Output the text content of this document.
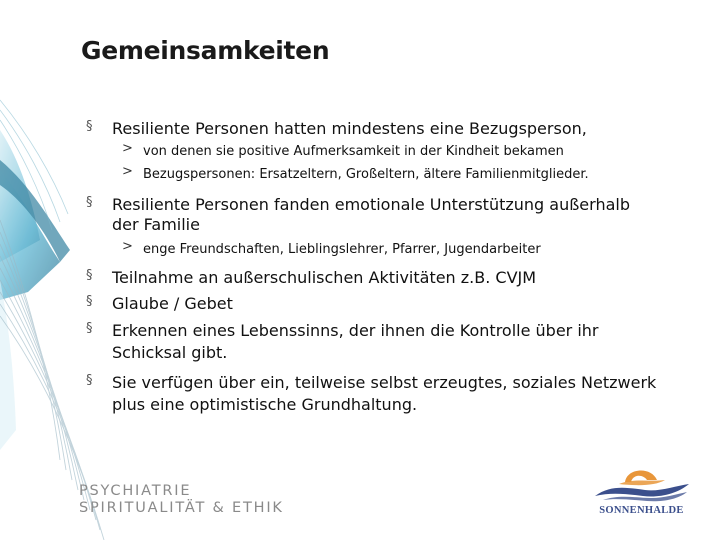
Gemeinsamkeiten
§ Resiliente Personen hatten mindestens eine Bezugsperson,
> von denen sie positive Aufmerksamkeit in der Kindheit bekamen
> Bezugspersonen: Ersatzeltern, Großeltern, ältere Familienmitglieder.
§ Resiliente Personen fanden emotionale Unterstützung außerhalb
der Familie
> enge Freundschaften, Lieblingslehrer, Pfarrer, Jugendarbeiter
§ Teilnahme an außerschulischen Aktivitäten z.B. CVJM
§ Glaube / Gebet
§ Erkennen eines Lebenssinns, der ihnen die Kontrolle über ihr
Schicksal gibt.
§ Sie verfügen über ein, teilweise selbst erzeugtes, soziales Netzwerk
plus eine optimistische Grundhaltung.
PSYCHIATRIE
SPIRITUALITÄT & ETHIK	SONNENHALDE
